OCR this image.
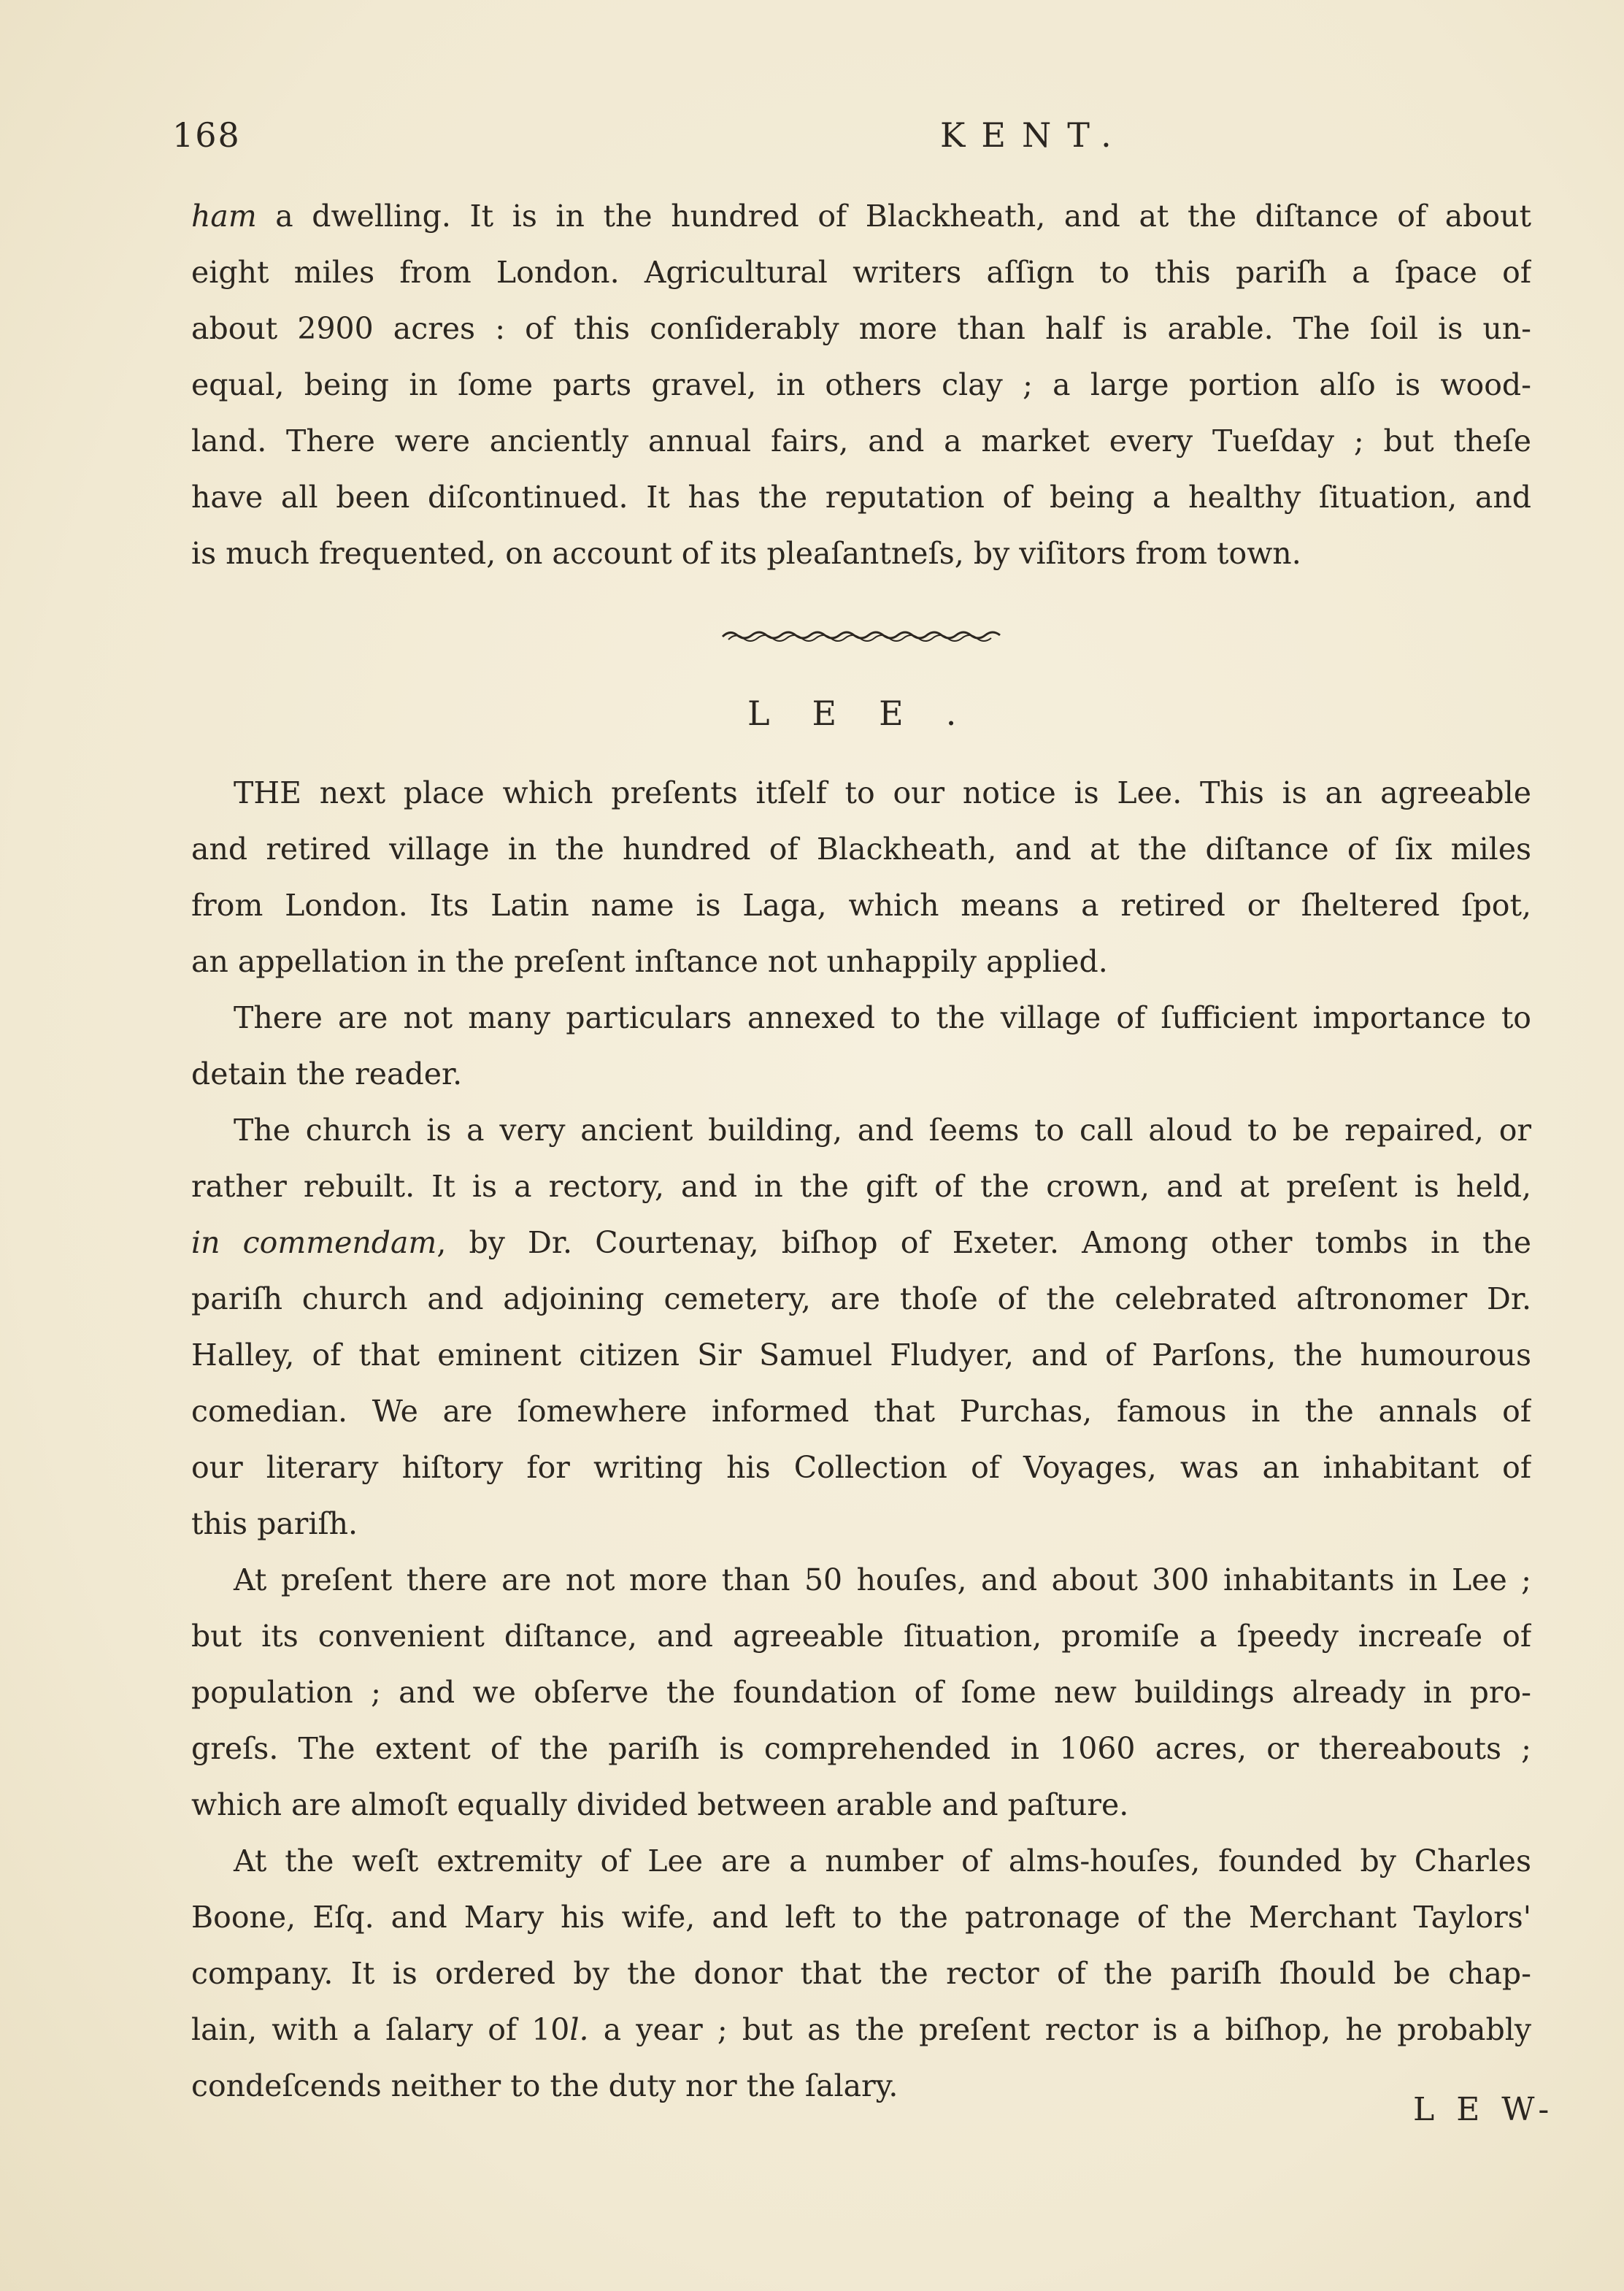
168	KENT.
ham a dwelling. It is in the hundred of Blackheath, and at the diſtance of about
eight miles from London. Agricultural writers aſſign to this pariſh a ſpace of
about 2900 acres : of this conſiderably more than half is arable. The ſoil is un-
equal, being in ſome parts gravel, in others clay ; a large portion alſo is wood-
land. There were anciently annual fairs, and a market every Tueſday ; but theſe
have all been diſcontinued. It has the reputation of being a healthy ſituation, and
is much frequented, on account of its pleaſantneſs, by viſitors from town.
LEE.
THE next place which preſents itſelf to our notice is Lee. This is an agreeable
and retired village in the hundred of Blackheath, and at the diſtance of ſix miles
from London. Its Latin name is Laga, which means a retired or ſheltered ſpot,
an appellation in the preſent inſtance not unhappily applied.
There are not many particulars annexed to the village of ſufficient importance to
detain the reader.
The church is a very ancient building, and ſeems to call aloud to be repaired, or
rather rebuilt. It is a rectory, and in the gift of the crown, and at preſent is held,
in commendam, by Dr. Courtenay, biſhop of Exeter. Among other tombs in the
pariſh church and adjoining cemetery, are thoſe of the celebrated aſtronomer Dr.
Halley, of that eminent citizen Sir Samuel Fludyer, and of Parſons, the humourous
comedian. We are ſomewhere informed that Purchas, famous in the annals of
our literary hiſtory for writing his Collection of Voyages, was an inhabitant of
this pariſh.
At preſent there are not more than 50 houſes, and about 300 inhabitants in Lee ;
but its convenient diſtance, and agreeable ſituation, promiſe a ſpeedy increaſe of
population ; and we obſerve the foundation of ſome new buildings already in pro-
greſs. The extent of the pariſh is comprehended in 1060 acres, or thereabouts ;
which are almoſt equally divided between arable and paſture.
At the weſt extremity of Lee are a number of alms-houſes, founded by Charles
Boone, Eſq. and Mary his wife, and left to the patronage of the Merchant Taylors'
company. It is ordered by the donor that the rector of the pariſh ſhould be chap-
lain, with a ſalary of 10l. a year ; but as the preſent rector is a biſhop, he probably
condeſcends neither to the duty nor the ſalary.
L E W-
